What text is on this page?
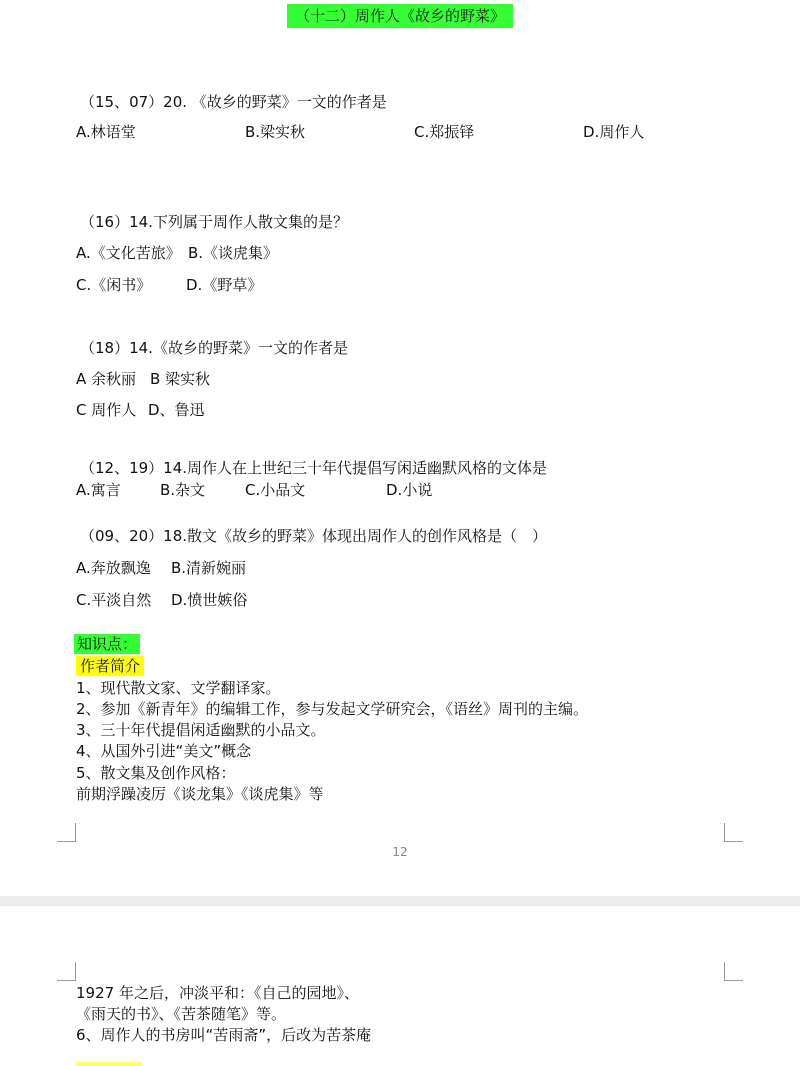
（十二）周作人《故乡的野菜》
（15、07）20. 《故乡的野菜》一文的作者是
A.林语堂	B.梁实秋	C.郑振铎	D.周作人
（16）14.下列属于周作人散文集的是？
A.《文化苦旅》 B.《谈虎集》
C.《闲书》 D.《野草》
（18）14.《故乡的野菜》一文的作者是
A 余秋丽 B 梁实秋
C 周作人 D、鲁迅
（12、19）14.周作人在上世纪三十年代提倡写闲适幽默风格的文体是
A.寓言	B.杂文	C.小品文	D.小说
（09、20）18.散文《故乡的野菜》体现出周作人的创作风格是（　）
A.奔放飘逸 B.清新婉丽
C.平淡自然 D.愤世嫉俗
知识点：
作者简介
1、现代散文家、文学翻译家。
2、参加《新青年》的编辑工作，参与发起文学研究会，《语丝》周刊的主编。
3、三十年代提倡闲适幽默的小品文。
4、从国外引进“美文”概念
5、散文集及创作风格：
前期浮躁凌厉《谈龙集》《谈虎集》等
12
1927 年之后，冲淡平和：《自己的园地》、
《雨天的书》、《苦茶随笔》等。
6、周作人的书房叫“苦雨斋”，后改为苦茶庵
